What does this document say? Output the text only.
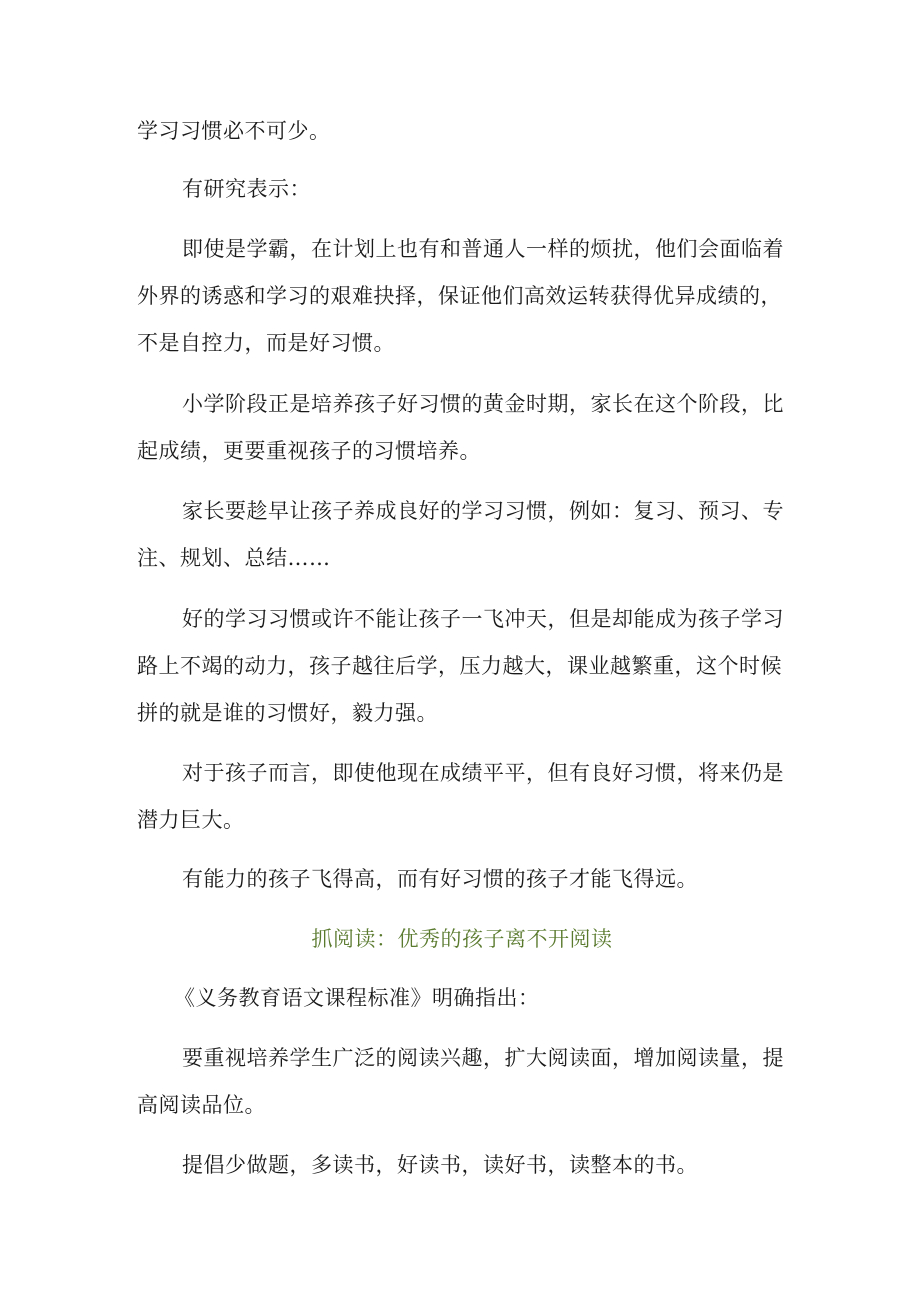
学习习惯必不可少。

有研究表示：

即使是学霸，在计划上也有和普通人一样的烦扰，他们会面临着外界的诱惑和学习的艰难抉择，保证他们高效运转获得优异成绩的，不是自控力，而是好习惯。

小学阶段正是培养孩子好习惯的黄金时期，家长在这个阶段，比起成绩，更要重视孩子的习惯培养。

家长要趁早让孩子养成良好的学习习惯，例如：复习、预习、专注、规划、总结……

好的学习习惯或许不能让孩子一飞冲天，但是却能成为孩子学习路上不竭的动力，孩子越往后学，压力越大，课业越繁重，这个时候拼的就是谁的习惯好，毅力强。

对于孩子而言，即使他现在成绩平平，但有良好习惯，将来仍是潜力巨大。

有能力的孩子飞得高，而有好习惯的孩子才能飞得远。

抓阅读：优秀的孩子离不开阅读

《义务教育语文课程标准》明确指出：

要重视培养学生广泛的阅读兴趣，扩大阅读面，增加阅读量，提高阅读品位。

提倡少做题，多读书，好读书，读好书，读整本的书。
